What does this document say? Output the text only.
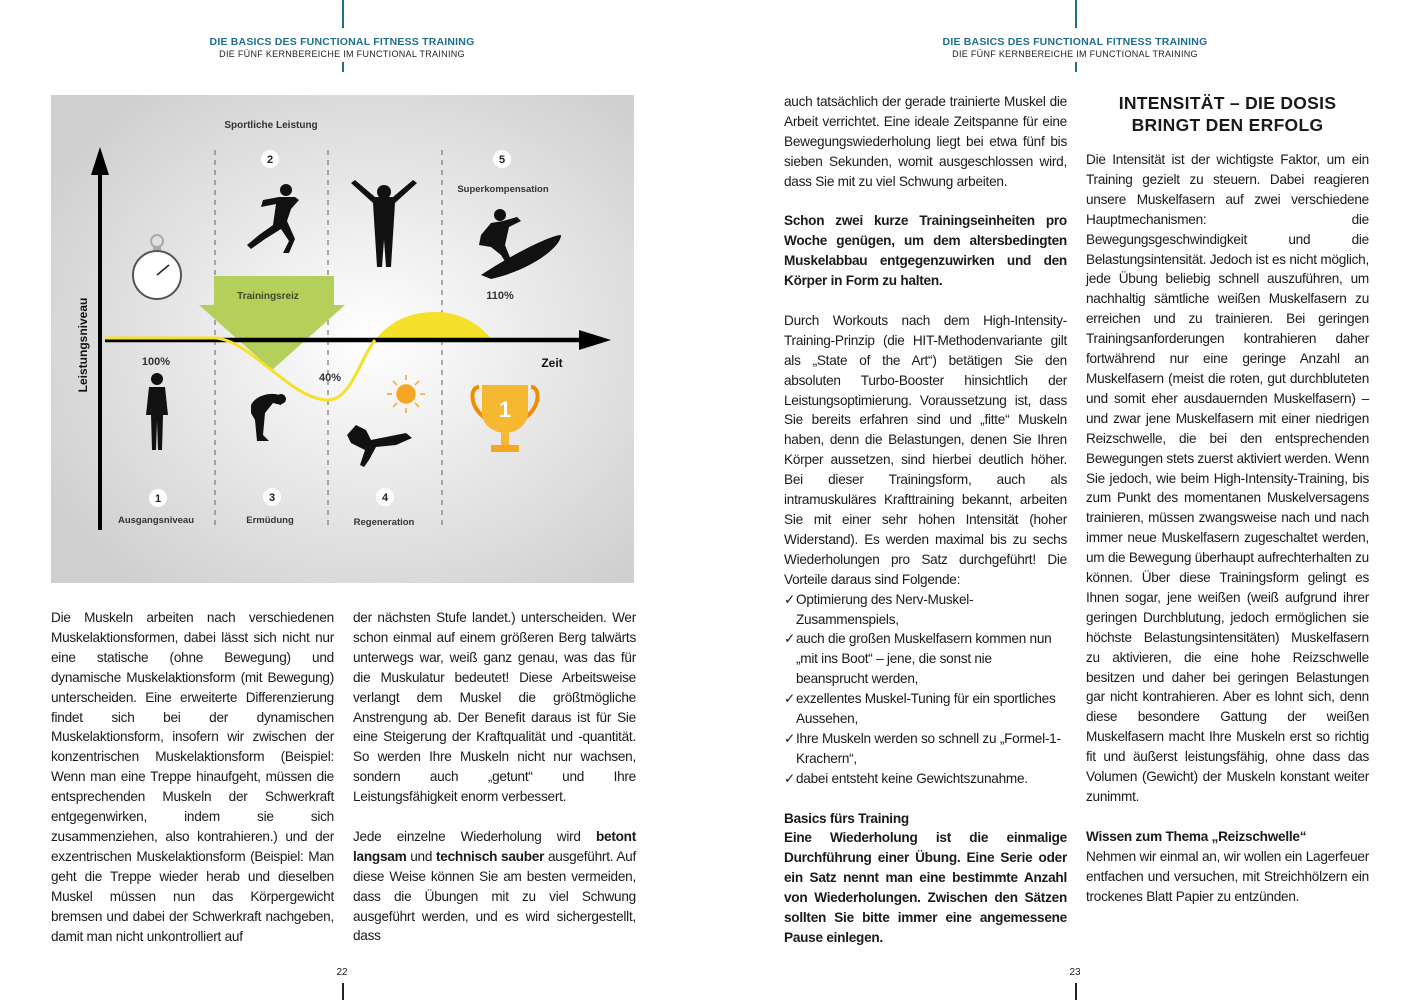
DIE BASICS DES FUNCTIONAL FITNESS TRAINING
DIE FÜNF KERNBEREICHE IM FUNCTIONAL TRAINING
DIE BASICS DES FUNCTIONAL FITNESS TRAINING
DIE FÜNF KERNBEREICHE IM FUNCTIONAL TRAINING
Sportliche Leistung
Trainingsreiz
Leistungsniveau	Zeit
100%
40%
110%
1
2
3	4
5
Ausgangsniveau	Ermüdung	Regeneration
Superkompensation
1

Die Muskeln arbeiten nach verschiedenen Muskelaktionsformen, dabei lässt sich nicht nur eine statische (ohne Bewegung) und dynamische Muskelaktionsform (mit Bewegung) unterscheiden. Eine erweiterte Differenzierung findet sich bei der dynamischen Muskelaktionsform, insofern wir zwischen der konzentrischen Muskelaktionsform (Beispiel: Wenn man eine Treppe hinaufgeht, müssen die entsprechenden Muskeln der Schwerkraft entgegenwirken, indem sie sich zusammenziehen, also kontrahieren.) und der exzentrischen Muskelaktionsform (Beispiel: Man geht die Treppe wieder herab und dieselben Muskel müssen nun das Körpergewicht bremsen und dabei der Schwerkraft nachgeben, damit man nicht unkontrolliert auf

der nächsten Stufe landet.) unterscheiden. Wer schon einmal auf einem größeren Berg talwärts unterwegs war, weiß ganz genau, was das für die Muskulatur bedeutet! Diese Arbeitsweise verlangt dem Muskel die größtmögliche Anstrengung ab. Der Benefit daraus ist für Sie eine Steigerung der Kraftqualität und -quantität. So werden Ihre Muskeln nicht nur wachsen, sondern auch „getunt“ und Ihre Leistungsfähigkeit enorm verbessert.

Jede einzelne Wiederholung wird betont langsam und technisch sauber ausgeführt. Auf diese Weise können Sie am besten vermeiden, dass die Übungen mit zu viel Schwung ausgeführt werden, und es wird sichergestellt, dass

auch tatsächlich der gerade trainierte Muskel die Arbeit verrichtet. Eine ideale Zeitspanne für eine Bewegungswiederholung liegt bei etwa fünf bis sieben Sekunden, womit ausgeschlossen wird, dass Sie mit zu viel Schwung arbeiten.

Schon zwei kurze Trainingseinheiten pro Woche genügen, um dem altersbedingten Muskelabbau entgegenzuwirken und den Körper in Form zu halten.

Durch Workouts nach dem High-Intensity-Training-Prinzip (die HIT-Methodenvariante gilt als „State of the Art“) betätigen Sie den absoluten Turbo-Booster hinsichtlich der Leistungsoptimierung. Voraussetzung ist, dass Sie bereits erfahren sind und „fitte“ Muskeln haben, denn die Belastungen, denen Sie Ihren Körper aussetzen, sind hierbei deutlich höher. Bei dieser Trainingsform, auch als intramuskuläres Krafttraining bekannt, arbeiten Sie mit einer sehr hohen Intensität (hoher Widerstand). Es werden maximal bis zu sechs Wiederholungen pro Satz durchgeführt! Die Vorteile daraus sind Folgende:

✓Optimierung des Nerv-Muskel-Zusammenspiels,
✓auch die großen Muskelfasern kommen nun „mit ins Boot“ – jene, die sonst nie beansprucht werden,
✓exzellentes Muskel-Tuning für ein sportliches Aussehen,
✓Ihre Muskeln werden so schnell zu „Formel-1-Krachern“,
✓dabei entsteht keine Gewichtszunahme.

Basics fürs Training

Eine Wiederholung ist die einmalige Durchführung einer Übung. Eine Serie oder ein Satz nennt man eine bestimmte Anzahl von Wiederholungen. Zwischen den Sätzen sollten Sie bitte immer eine angemessene Pause einlegen.

INTENSITÄT – DIE DOSIS BRINGT DEN ERFOLG

Die Intensität ist der wichtigste Faktor, um ein Training gezielt zu steuern. Dabei reagieren unsere Muskelfasern auf zwei verschiedene Hauptmechanismen: die Bewegungsgeschwindigkeit und die Belastungsintensität. Jedoch ist es nicht möglich, jede Übung beliebig schnell auszuführen, um nachhaltig sämtliche weißen Muskelfasern zu erreichen und zu trainieren. Bei geringen Trainingsanforderungen kontrahieren daher fortwährend nur eine geringe Anzahl an Muskelfasern (meist die roten, gut durchbluteten und somit eher ausdauernden Muskelfasern) – und zwar jene Muskelfasern mit einer niedrigen Reizschwelle, die bei den entsprechenden Bewegungen stets zuerst aktiviert werden. Wenn Sie jedoch, wie beim High-Intensity-Training, bis zum Punkt des momentanen Muskelversagens trainieren, müssen zwangsweise nach und nach immer neue Muskelfasern zugeschaltet werden, um die Bewegung überhaupt aufrechterhalten zu können. Über diese Trainingsform gelingt es Ihnen sogar, jene weißen (weiß aufgrund ihrer geringen Durchblutung, jedoch ermöglichen sie höchste Belastungsintensitäten) Muskelfasern zu aktivieren, die eine hohe Reizschwelle besitzen und daher bei geringen Belastungen gar nicht kontrahieren. Aber es lohnt sich, denn diese besondere Gattung der weißen Muskelfasern macht Ihre Muskeln erst so richtig fit und äußerst leistungsfähig, ohne dass das Volumen (Gewicht) der Muskeln konstant weiter zunimmt.

Wissen zum Thema „Reizschwelle“

Nehmen wir einmal an, wir wollen ein Lagerfeuer entfachen und versuchen, mit Streichhölzern ein trockenes Blatt Papier zu entzünden.

22	23
